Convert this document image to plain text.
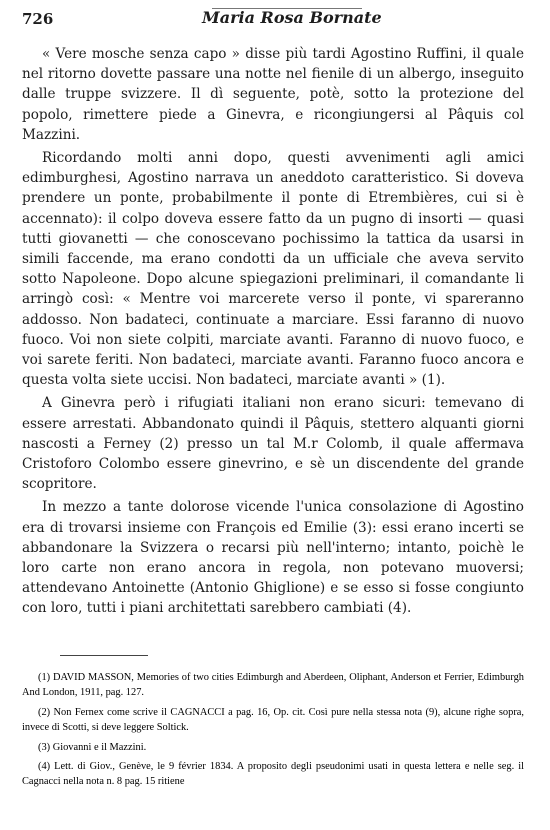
726	Maria Rosa Bornate

« Vere mosche senza capo » disse più tardi Agostino Ruffini, il quale nel ritorno dovette passare una notte nel fienile di un albergo, inseguito dalle truppe svizzere. Il dì seguente, potè, sotto la protezione del popolo, rimettere piede a Ginevra, e ricongiungersi al Pâquis col Mazzini.

Ricordando molti anni dopo, questi avvenimenti agli amici edimburghesi, Agostino narrava un aneddoto caratteristico. Si doveva prendere un ponte, probabilmente il ponte di Etrembières, cui si è accennato): il colpo doveva essere fatto da un pugno di insorti — quasi tutti giovanetti — che conoscevano pochissimo la tattica da usarsi in simili faccende, ma erano condotti da un ufficiale che aveva servito sotto Napoleone. Dopo alcune spiegazioni preliminari, il comandante li arringò così: « Mentre voi marcerete verso il ponte, vi spareranno addosso. Non badateci, continuate a marciare. Essi faranno di nuovo fuoco. Voi non siete colpiti, marciate avanti. Faranno di nuovo fuoco, e voi sarete feriti. Non badateci, marciate avanti. Faranno fuoco ancora e questa volta siete uccisi. Non badateci, marciate avanti » (1).

A Ginevra però i rifugiati italiani non erano sicuri: temevano di essere arrestati. Abbandonato quindi il Pâquis, stettero alquanti giorni nascosti a Ferney (2) presso un tal M.r Colomb, il quale affermava Cristoforo Colombo essere ginevrino, e sè un discendente del grande scopritore.

In mezzo a tante dolorose vicende l'unica consolazione di Agostino era di trovarsi insieme con François ed Emilie (3): essi erano incerti se abbandonare la Svizzera o recarsi più nell'interno; intanto, poichè le loro carte non erano ancora in regola, non potevano muoversi; attendevano Antoinette (Antonio Ghiglione) e se esso si fosse congiunto con loro, tutti i piani architettati sarebbero cambiati (4).

(1) DAVID MASSON, Memories of two cities Edimburgh and Aberdeen, Oliphant, Anderson et Ferrier, Edimburgh And London, 1911, pag. 127.

(2) Non Fernex come scrive il CAGNACCI a pag. 16, Op. cit. Così pure nella stessa nota (9), alcune righe sopra, invece di Scotti, si deve leggere Soltick.

(3) Giovanni e il Mazzini.

(4) Lett. di Giov., Genève, le 9 février 1834. A proposito degli pseudonimi usati in questa lettera e nelle seg. il Cagnacci nella nota n. 8 pag. 15 ritiene
